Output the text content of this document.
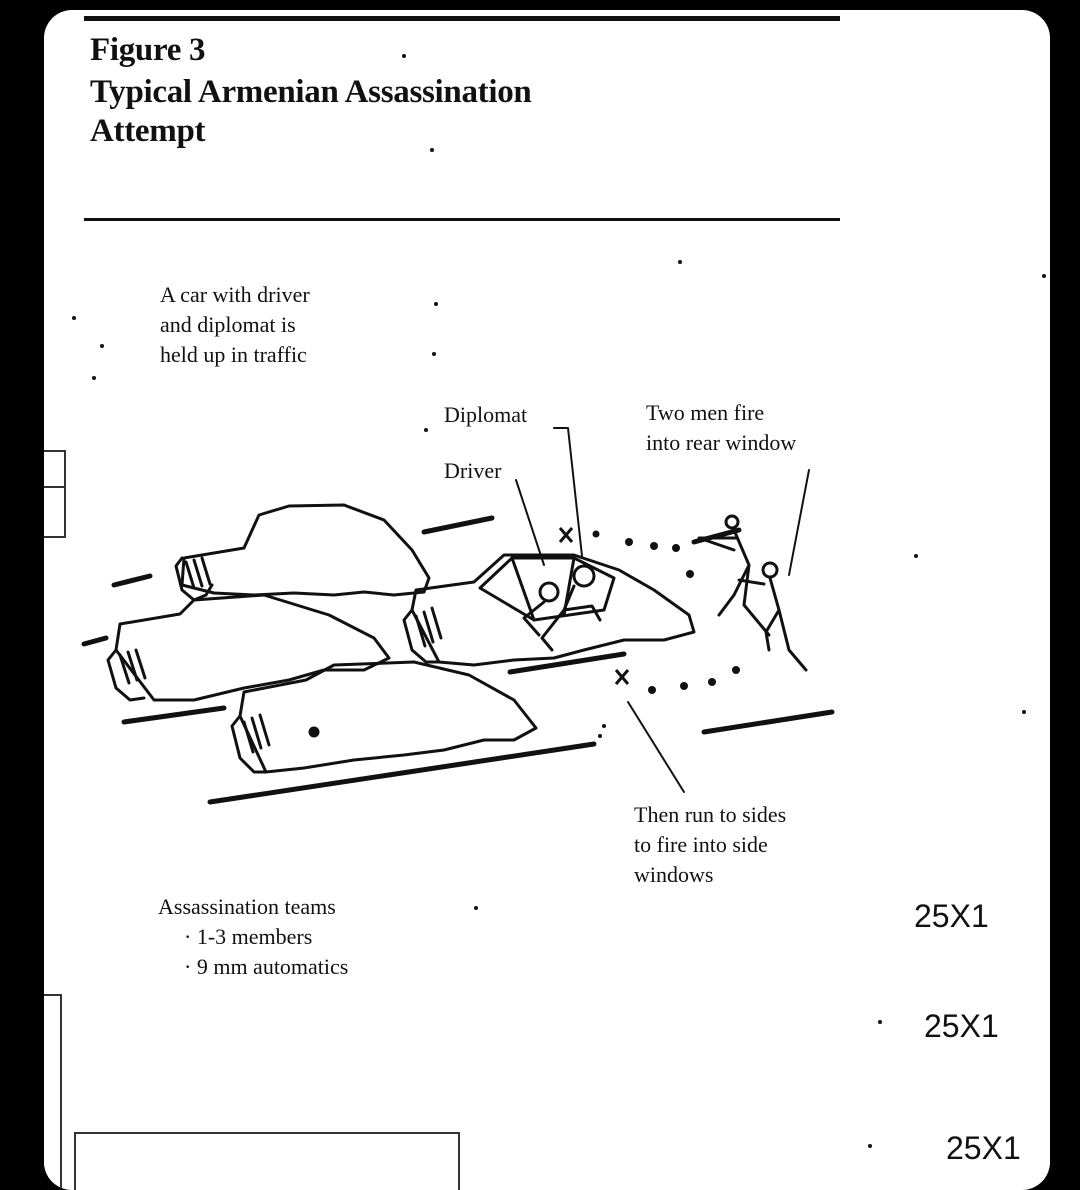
Figure 3
Typical Armenian Assassination
Attempt
A car with driver
and diplomat is
held up in traffic
Diplomat
Driver
Two men fire
into rear window
Then run to sides
to fire into side
windows
Assassination teams
· 1-3 members
· 9 mm automatics
25X1
25X1
25X1
